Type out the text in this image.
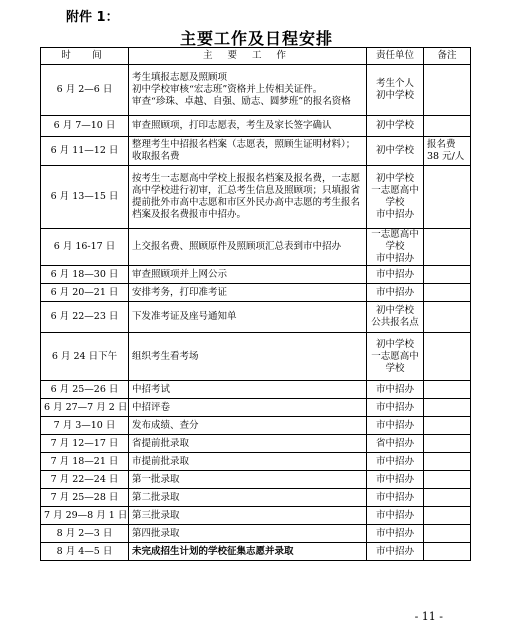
附件 1：
主要工作及日程安排
时　间	主 要 工 作	责任单位	备注
6 月 2—6 日	考生填报志愿及照顾项
初中学校审核“宏志班”资格并上传相关证件。
审查“珍珠、卓越、自强、励志、圆梦班”的报名资格	考生个人
初中学校	
6 月 7—10 日	审查照顾项，打印志愿表，考生及家长签字确认	初中学校	
6 月 11—12 日	整理考生中招报名档案（志愿表，照顾生证明材料）；收取报名费	初中学校	报名费 38 元/人
6 月 13—15 日	按考生一志愿高中学校上报报名档案及报名费，一志愿高中学校进行初审，汇总考生信息及照顾项；只填报省提前批外市高中志愿和市区外民办高中志愿的考生报名档案及报名费报市中招办。	初中学校
一志愿高中学校
市中招办	
6 月 16-17 日	上交报名费、照顾原件及照顾项汇总表到市中招办	一志愿高中学校
市中招办	
6 月 18—30 日	审查照顾项并上网公示	市中招办	
6 月 20—21 日	安排考务，打印准考证	市中招办	
6 月 22—23 日	下发准考证及座号通知单	初中学校
公共报名点	
6 月 24 日下午	组织考生看考场	初中学校
一志愿高中学校	
6 月 25—26 日	中招考试	市中招办	
6 月 27—7 月 2 日	中招评卷	市中招办	
7 月 3—10 日	发布成绩、查分	市中招办	
7 月 12—17 日	省提前批录取	省中招办	
7 月 18—21 日	市提前批录取	市中招办	
7 月 22—24 日	第一批录取	市中招办	
7 月 25—28 日	第二批录取	市中招办	
7 月 29—8 月 1 日	第三批录取	市中招办	
8 月 2—3 日	第四批录取	市中招办	
8 月 4—5 日	未完成招生计划的学校征集志愿并录取	市中招办	
- 11 -
